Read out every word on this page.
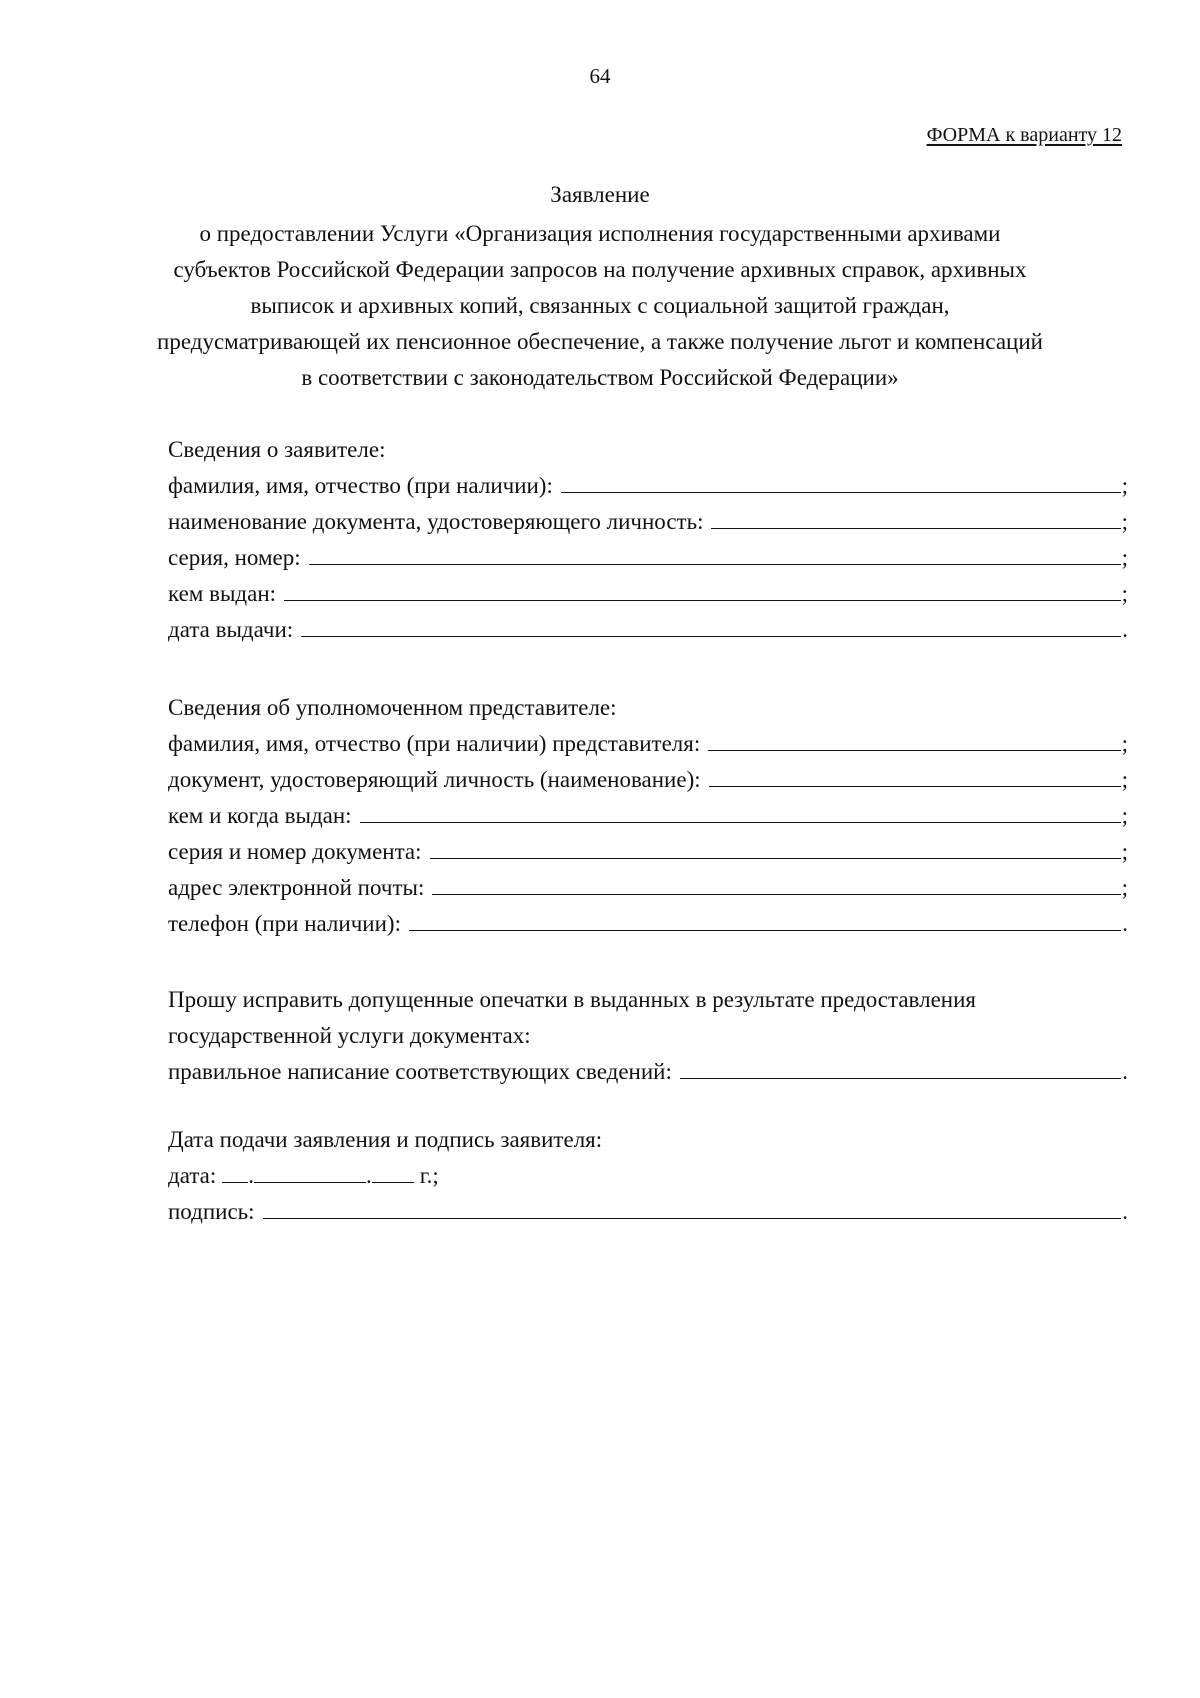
64
ФОРМА к варианту 12
Заявление
о предоставлении Услуги «Организация исполнения государственными архивами
субъектов Российской Федерации запросов на получение архивных справок, архивных
выписок и архивных копий, связанных с социальной защитой граждан,
предусматривающей их пенсионное обеспечение, а также получение льгот и компенсаций
в соответствии с законодательством Российской Федерации»
Сведения о заявителе:
фамилия, имя, отчество (при наличии):	;
наименование документа, удостоверяющего личность:	;
серия, номер:	;
кем выдан:	;
дата выдачи:	.
Сведения об уполномоченном представителе:
фамилия, имя, отчество (при наличии) представителя:	;
документ, удостоверяющий личность (наименование):	;
кем и когда выдан:	;
серия и номер документа:	;
адрес электронной почты:	;
телефон (при наличии):	.
Прошу исправить допущенные опечатки в выданных в результате предоставления
государственной услуги документах:
правильное написание соответствующих сведений:	.
Дата подачи заявления и подпись заявителя:
дата: .	. г.;
подпись:	.
